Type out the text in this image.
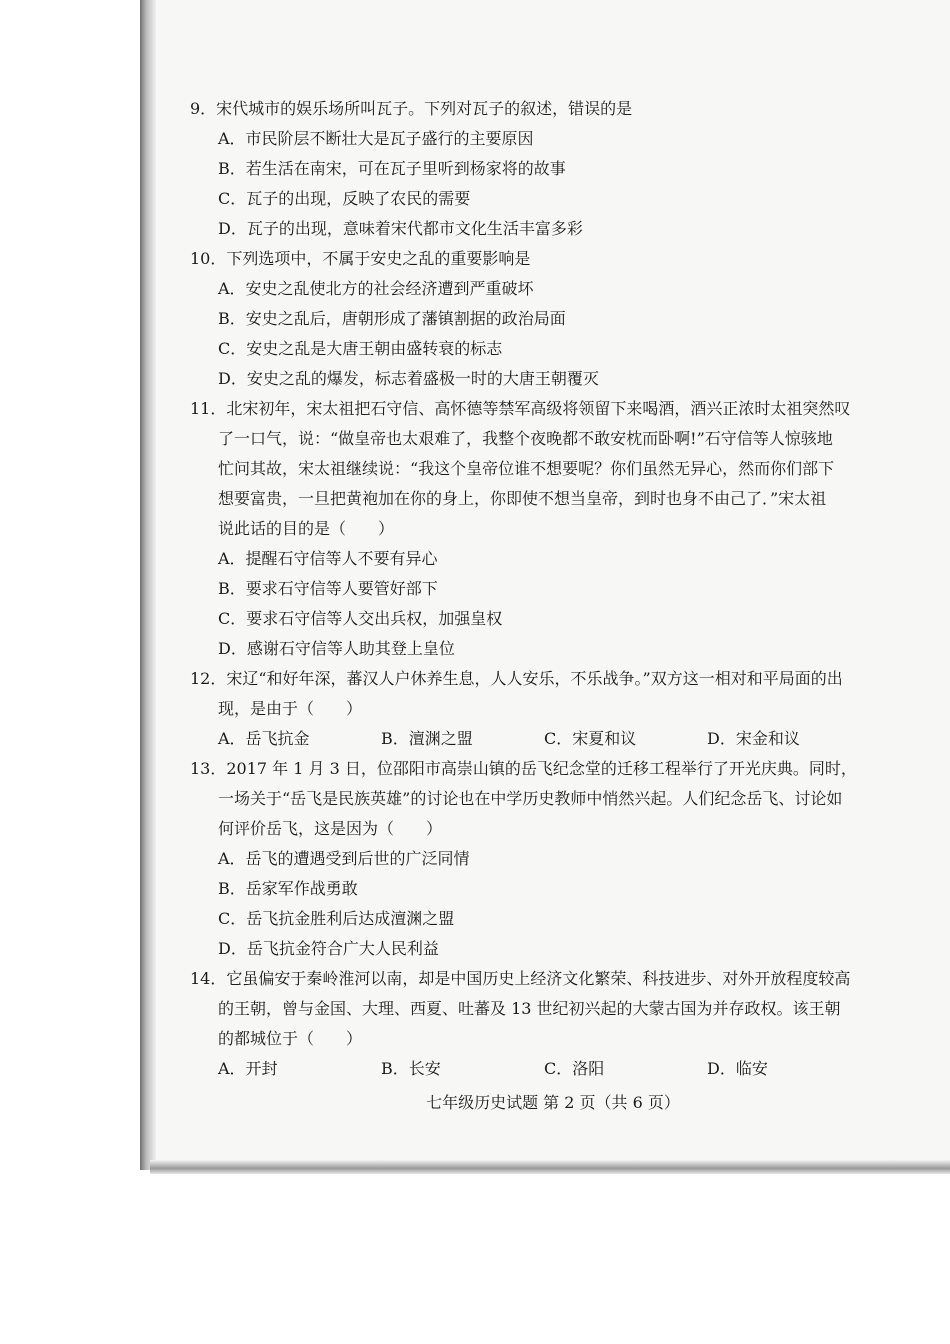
9．宋代城市的娱乐场所叫瓦子。下列对瓦子的叙述，错误的是
A．市民阶层不断壮大是瓦子盛行的主要原因
B．若生活在南宋，可在瓦子里听到杨家将的故事
C．瓦子的出现，反映了农民的需要
D．瓦子的出现，意味着宋代都市文化生活丰富多彩
10．下列选项中，不属于安史之乱的重要影响是
A．安史之乱使北方的社会经济遭到严重破坏
B．安史之乱后，唐朝形成了藩镇割据的政治局面
C．安史之乱是大唐王朝由盛转衰的标志
D．安史之乱的爆发，标志着盛极一时的大唐王朝覆灭
11．北宋初年，宋太祖把石守信、高怀德等禁军高级将领留下来喝酒，酒兴正浓时太祖突然叹
了一口气，说：“做皇帝也太艰难了，我整个夜晚都不敢安枕而卧啊!”石守信等人惊骇地
忙问其故，宋太祖继续说：“我这个皇帝位谁不想要呢？你们虽然无异心，然而你们部下
想要富贵，一旦把黄袍加在你的身上，你即使不想当皇帝，到时也身不由己了．”宋太祖
说此话的目的是（　　）
A．提醒石守信等人不要有异心
B．要求石守信等人要管好部下
C．要求石守信等人交出兵权，加强皇权
D．感谢石守信等人助其登上皇位
12．宋辽“和好年深，蕃汉人户休养生息，人人安乐，不乐战争。”双方这一相对和平局面的出
现，是由于（　　）
A．岳飞抗金	B．澶渊之盟	C．宋夏和议	D．宋金和议
13．2017 年 1 月 3 日，位邵阳市高崇山镇的岳飞纪念堂的迁移工程举行了开光庆典。同时，
一场关于“岳飞是民族英雄”的讨论也在中学历史教师中悄然兴起。人们纪念岳飞、讨论如
何评价岳飞，这是因为（　　）
A．岳飞的遭遇受到后世的广泛同情
B．岳家军作战勇敢
C．岳飞抗金胜利后达成澶渊之盟
D．岳飞抗金符合广大人民利益
14．它虽偏安于秦岭淮河以南，却是中国历史上经济文化繁荣、科技进步、对外开放程度较高
的王朝，曾与金国、大理、西夏、吐蕃及 13 世纪初兴起的大蒙古国为并存政权。该王朝
的都城位于（　　）
A．开封	B．长安	C．洛阳	D．临安
七年级历史试题 第 2 页（共 6 页）
